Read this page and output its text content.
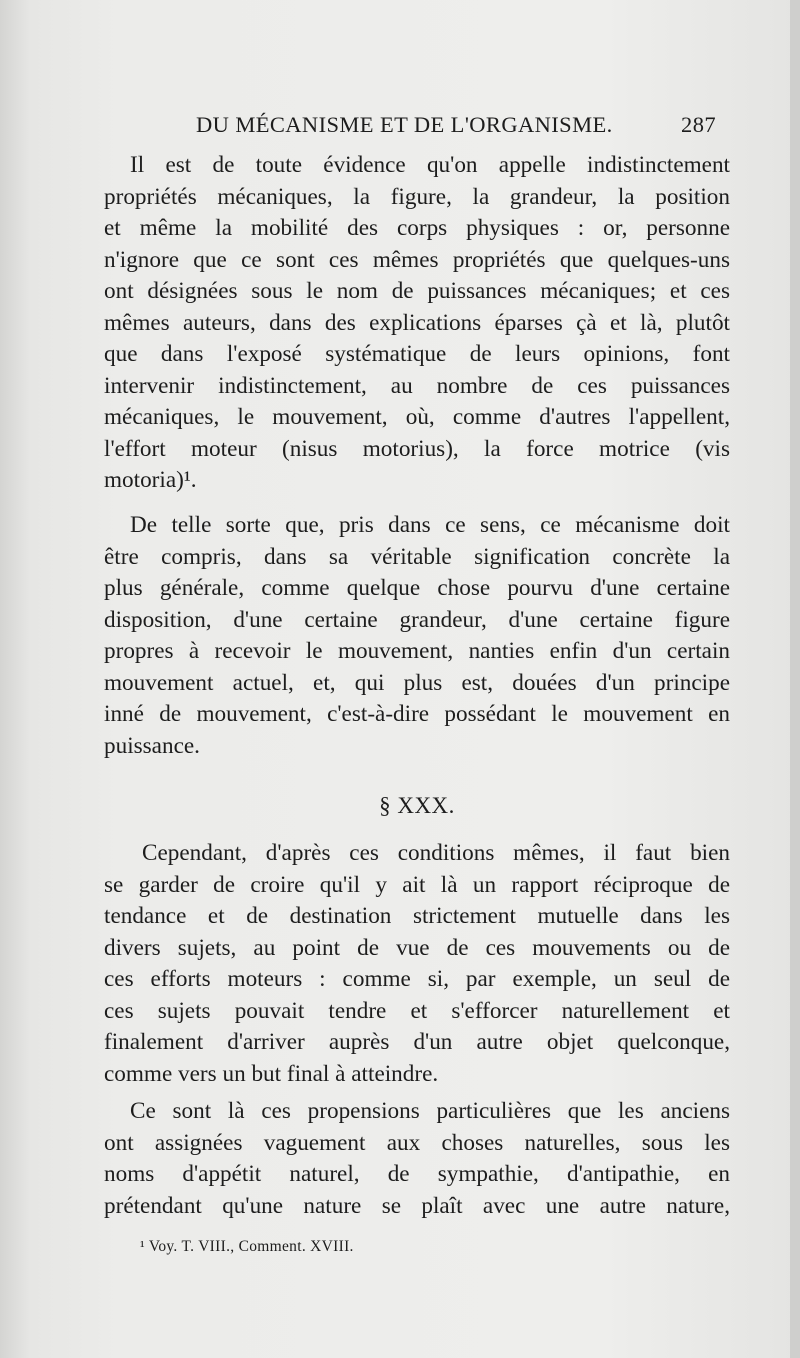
DU MÉCANISME ET DE L'ORGANISME.	287
Il est de toute évidence qu'on appelle indistinctement
propriétés mécaniques, la figure, la grandeur, la position
et même la mobilité des corps physiques : or, personne
n'ignore que ce sont ces mêmes propriétés que quelques-uns
ont désignées sous le nom de puissances mécaniques; et ces
mêmes auteurs, dans des explications éparses çà et là, plutôt
que dans l'exposé systématique de leurs opinions, font
intervenir indistinctement, au nombre de ces puissances
mécaniques, le mouvement, où, comme d'autres l'appellent,
l'effort moteur (nisus motorius), la force motrice (vis
motoria)¹.
De telle sorte que, pris dans ce sens, ce mécanisme doit
être compris, dans sa véritable signification concrète la
plus générale, comme quelque chose pourvu d'une certaine
disposition, d'une certaine grandeur, d'une certaine figure
propres à recevoir le mouvement, nanties enfin d'un certain
mouvement actuel, et, qui plus est, douées d'un principe
inné de mouvement, c'est-à-dire possédant le mouvement en
puissance.
§ XXX.
Cependant, d'après ces conditions mêmes, il faut bien
se garder de croire qu'il y ait là un rapport réciproque de
tendance et de destination strictement mutuelle dans les
divers sujets, au point de vue de ces mouvements ou de
ces efforts moteurs : comme si, par exemple, un seul de
ces sujets pouvait tendre et s'efforcer naturellement et
finalement d'arriver auprès d'un autre objet quelconque,
comme vers un but final à atteindre.
Ce sont là ces propensions particulières que les anciens
ont assignées vaguement aux choses naturelles, sous les
noms d'appétit naturel, de sympathie, d'antipathie, en
prétendant qu'une nature se plaît avec une autre nature,
¹ Voy. T. VIII., Comment. XVIII.
